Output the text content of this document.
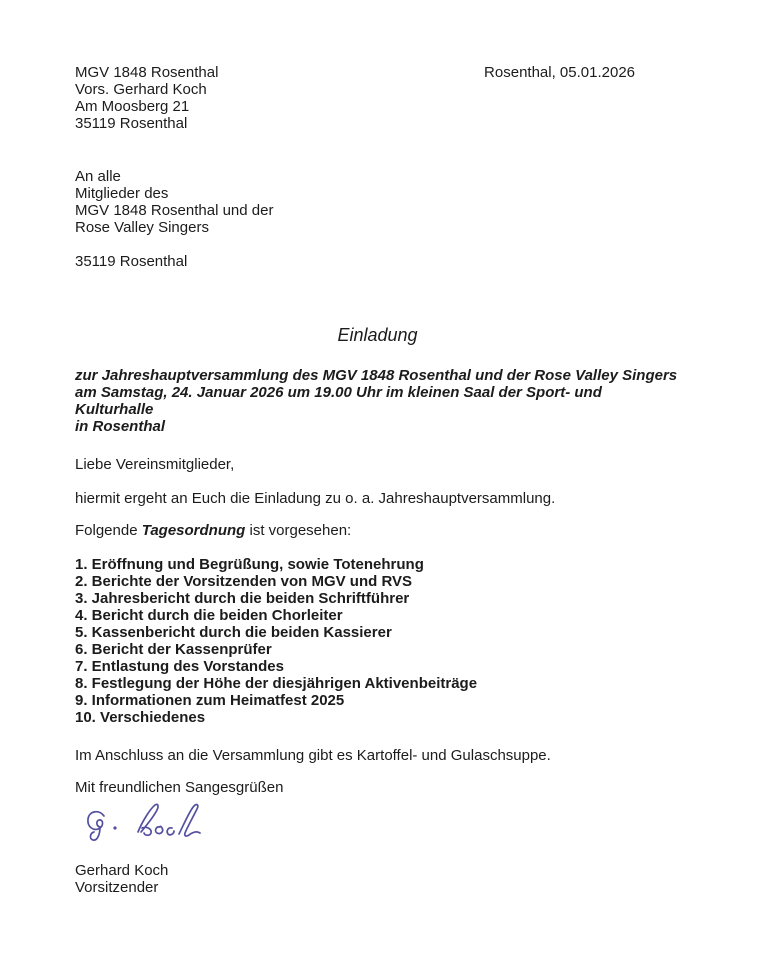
MGV 1848 Rosenthal
Vors. Gerhard Koch
Am Moosberg 21
35119 Rosenthal
Rosenthal, 05.01.2026
An alle
Mitglieder des
MGV 1848 Rosenthal und der
Rose Valley Singers
35119 Rosenthal
Einladung
zur Jahreshauptversammlung des MGV 1848 Rosenthal und der Rose Valley Singers
am Samstag, 24. Januar 2026 um 19.00 Uhr im kleinen Saal der Sport- und Kulturhalle
in Rosenthal
Liebe Vereinsmitglieder,
hiermit ergeht an Euch die Einladung zu o. a. Jahreshauptversammlung.
Folgende Tagesordnung ist vorgesehen:
1. Eröffnung und Begrüßung, sowie Totenehrung
2. Berichte der Vorsitzenden von MGV und RVS
3. Jahresbericht durch die beiden Schriftführer
4. Bericht durch die beiden Chorleiter
5. Kassenbericht durch die beiden Kassierer
6. Bericht der Kassenprüfer
7. Entlastung des Vorstandes
8. Festlegung der Höhe der diesjährigen Aktivenbeiträge
9. Informationen zum Heimatfest 2025
10. Verschiedenes
Im Anschluss an die Versammlung gibt es Kartoffel- und Gulaschsuppe.
Mit freundlichen Sangesgrüßen
Gerhard Koch
Vorsitzender
